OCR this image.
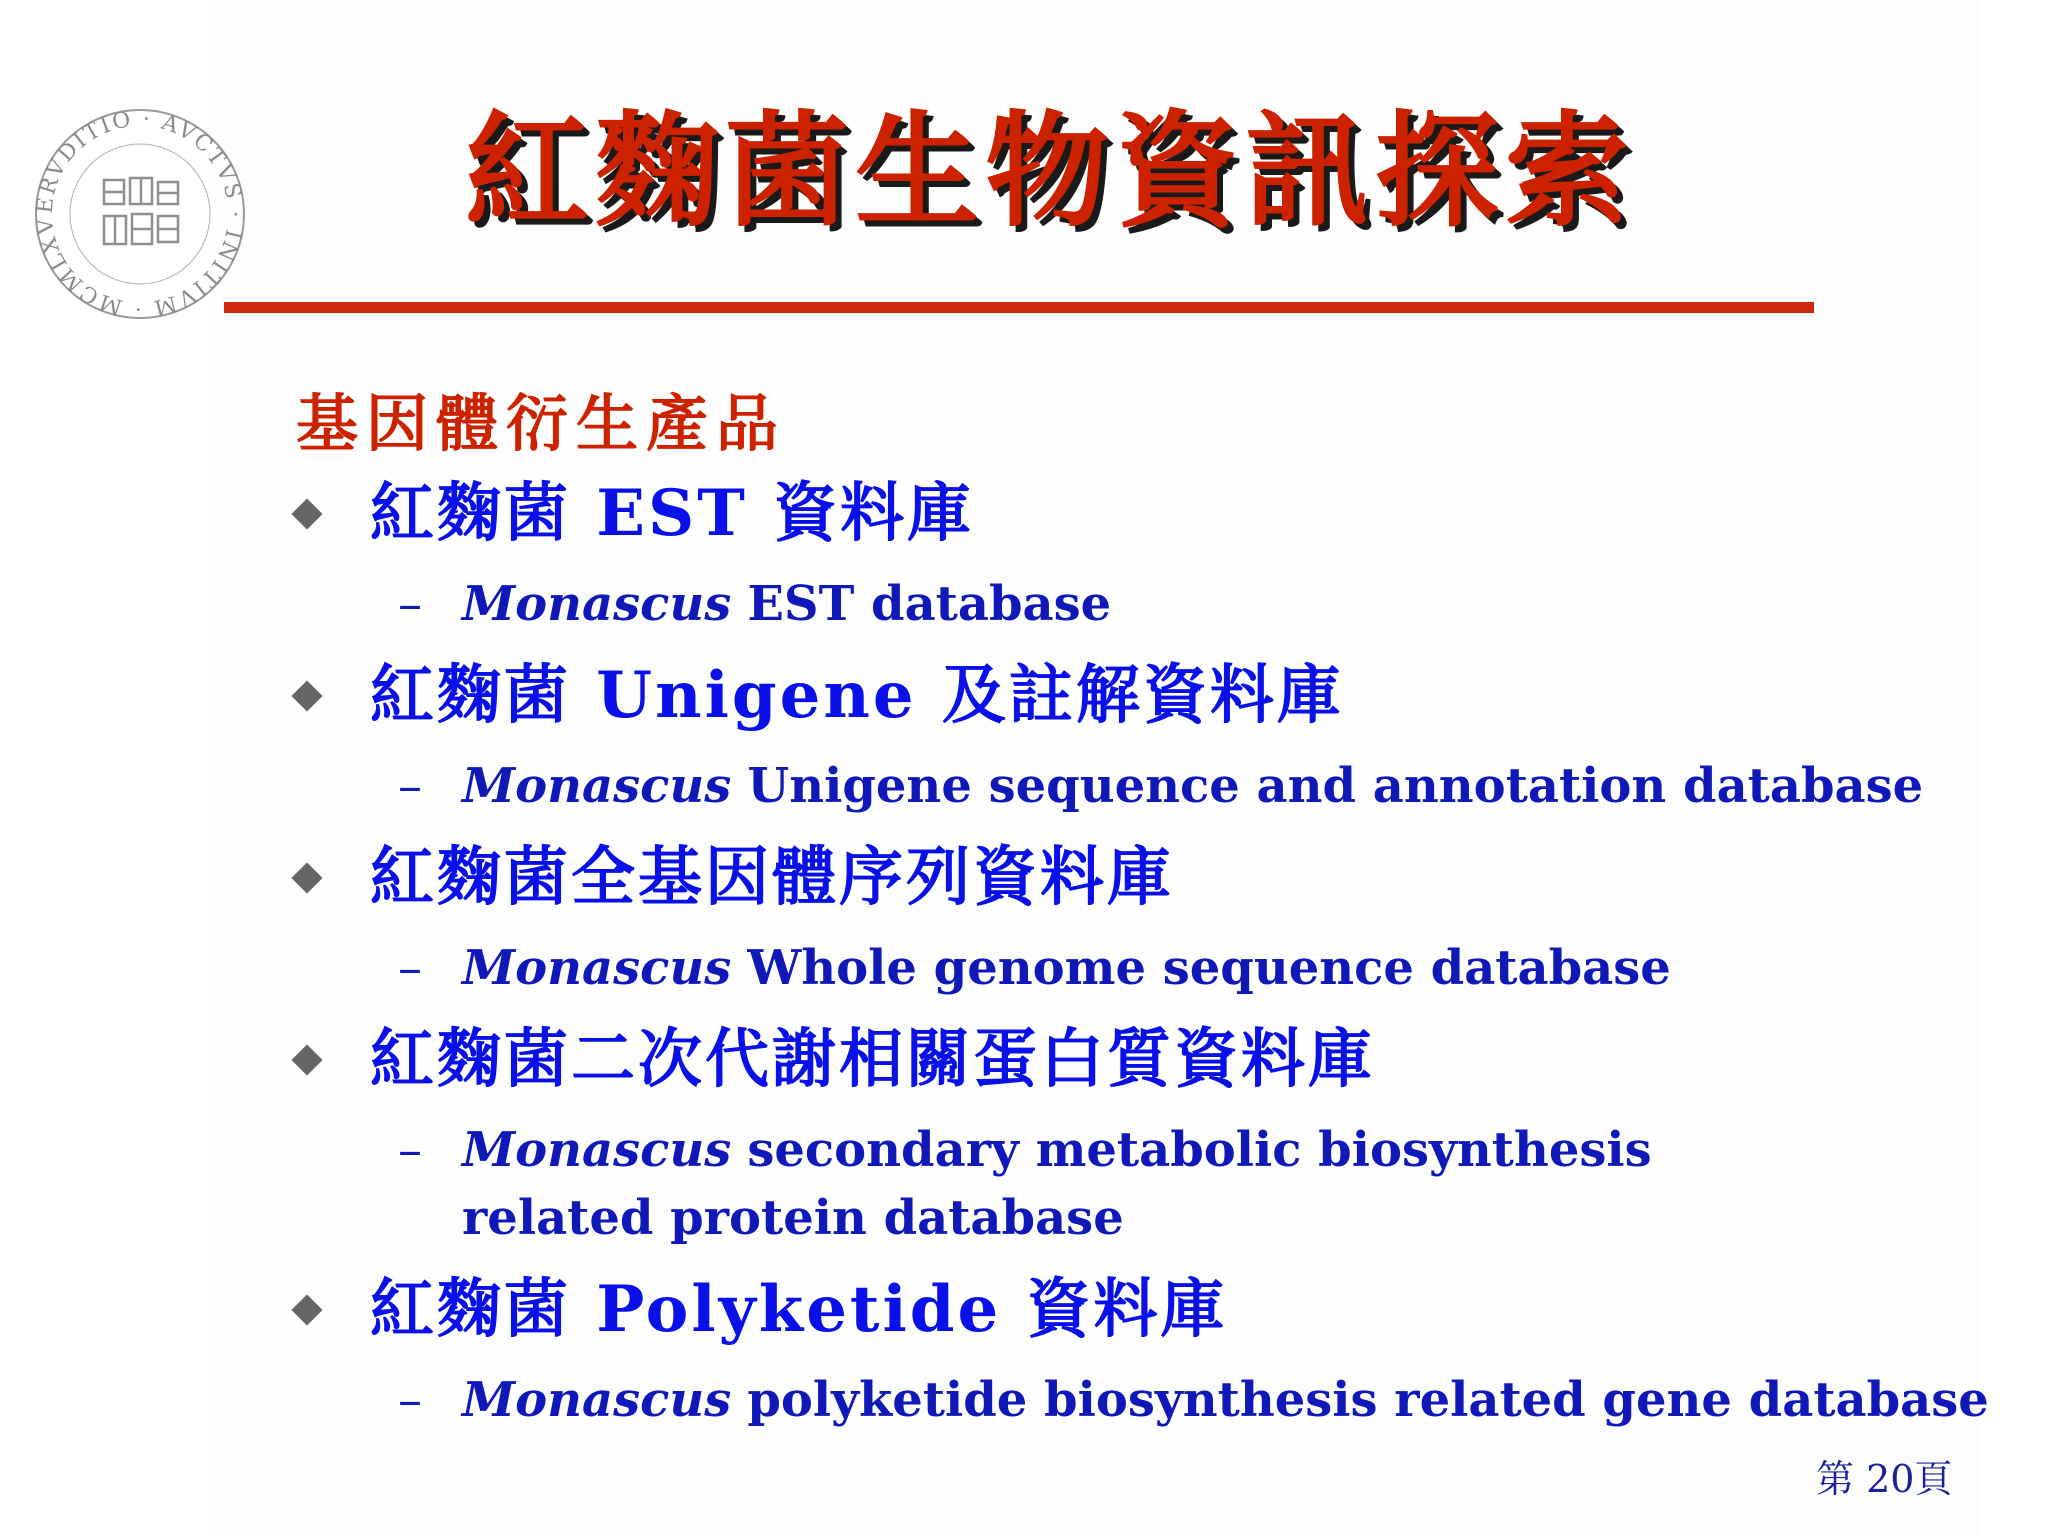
ERVDITIO · AVCTVS · INITIVM · MCMLXV	紅麴菌生物資訊探索
基因體衍生產品
紅麴菌 EST 資料庫
– Monascus EST database
紅麴菌 Unigene 及註解資料庫
– Monascus Unigene sequence and annotation database
紅麴菌全基因體序列資料庫
– Monascus Whole genome sequence database
紅麴菌二次代謝相關蛋白質資料庫
– Monascus secondary metabolic biosynthesis related protein database
紅麴菌 Polyketide 資料庫
– Monascus polyketide biosynthesis related gene database
第 20頁
